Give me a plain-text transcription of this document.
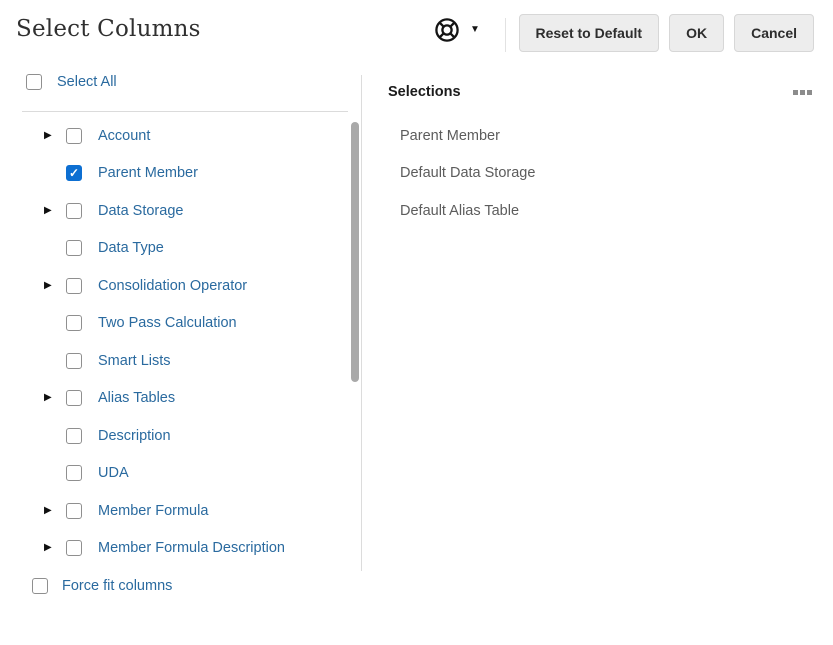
Select Columns	▼	Reset to Default	OK	Cancel
Select All
▶	Account
✓ Parent Member
▶	Data Storage
Data Type
▶	Consolidation Operator
Two Pass Calculation
Smart Lists
▶	Alias Tables
Description
UDA
▶	Member Formula
▶	Member Formula Description
Selections
Parent Member
Default Data Storage
Default Alias Table
Force fit columns
